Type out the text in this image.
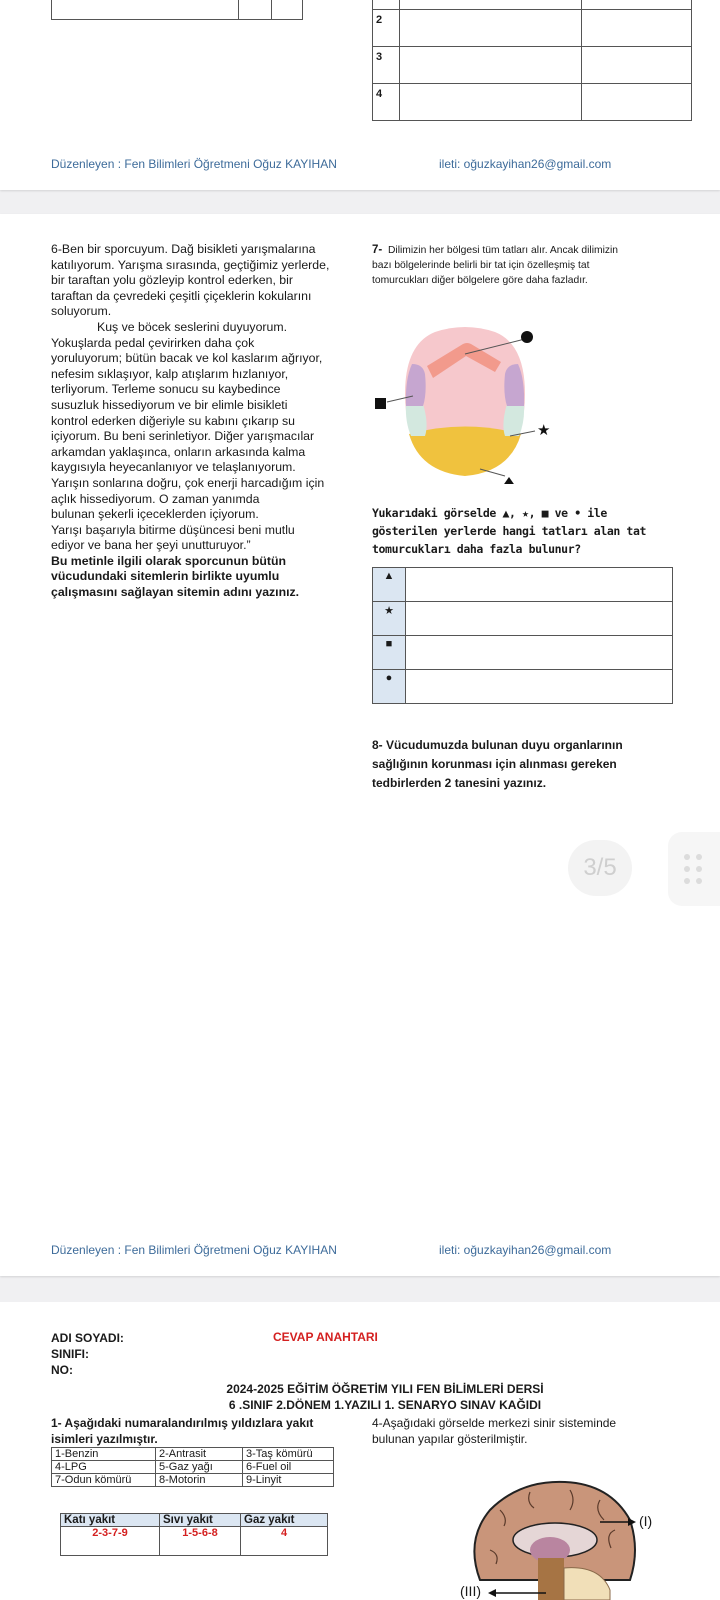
2		
3		
4		
Düzenleyen : Fen Bilimleri Öğretmeni Oğuz KAYIHAN	ileti: oğuzkayihan26@gmail.com
6-Ben bir sporcuyum. Dağ bisikleti yarışmalarına
katılıyorum. Yarışma sırasında, geçtiğimiz yerlerde,
bir taraftan yolu gözleyip kontrol ederken, bir
taraftan da çevredeki çeşitli çiçeklerin kokularını
soluyorum.
Kuş ve böcek seslerini duyuyorum.
Yokuşlarda pedal çevirirken daha çok
yoruluyorum; bütün bacak ve kol kaslarım ağrıyor,
nefesim sıklaşıyor, kalp atışlarım hızlanıyor,
terliyorum. Terleme sonucu su kaybedince
susuzluk hissediyorum ve bir elimle bisikleti
kontrol ederken diğeriyle su kabını çıkarıp su
içiyorum. Bu beni serinletiyor. Diğer yarışmacılar
arkamdan yaklaşınca, onların arkasında kalma
kaygısıyla heyecanlanıyor ve telaşlanıyorum.
Yarışın sonlarına doğru, çok enerji harcadığım için
açlık hissediyorum. O zaman yanımda
bulunan şekerli içeceklerden içiyorum.
Yarışı başarıyla bitirme düşüncesi beni mutlu
ediyor ve bana her şeyi unutturuyor.”
Bu metinle ilgili olarak sporcunun bütün
vücudundaki sitemlerin birlikte uyumlu
çalışmasını sağlayan sitemin adını yazınız.
7- Dilimizin her bölgesi tüm tatları alır. Ancak dilimizin
bazı bölgelerinde belirli bir tat için özelleşmiş tat
tomurcukları diğer bölgelere göre daha fazladır.
★
Yukarıdaki görselde ▲, ★, ■ ve • ile
gösterilen yerlerde hangi tatları alan tat
tomurcukları daha fazla bulunur?
▲	
★	
■	
●	
8- Vücudumuzda bulunan duyu organlarının
sağlığının korunması için alınması gereken
tedbirlerden 2 tanesini yazınız.
Düzenleyen : Fen Bilimleri Öğretmeni Oğuz KAYIHAN	ileti: oğuzkayihan26@gmail.com
3/5
ADI SOYADI:
SINIFI:
NO:
CEVAP ANAHTARI
2024-2025 EĞİTİM ÖĞRETİM YILI FEN BİLİMLERİ DERSİ
6 .SINIF 2.DÖNEM 1.YAZILI 1. SENARYO SINAV KAĞIDI
1- Aşağıdaki numaralandırılmış yıldızlara yakıt
isimleri yazılmıştır.
1-Benzin	2-Antrasit	3-Taş kömürü
4-LPG	5-Gaz yağı	6-Fuel oil
7-Odun kömürü	8-Motorin	9-Linyit
Katı yakıt	Sıvı yakıt	Gaz yakıt
2-3-7-9	1-5-6-8	4
4-Aşağıdaki görselde merkezi sinir sisteminde
bulunan yapılar gösterilmiştir.
(I)
(III)
